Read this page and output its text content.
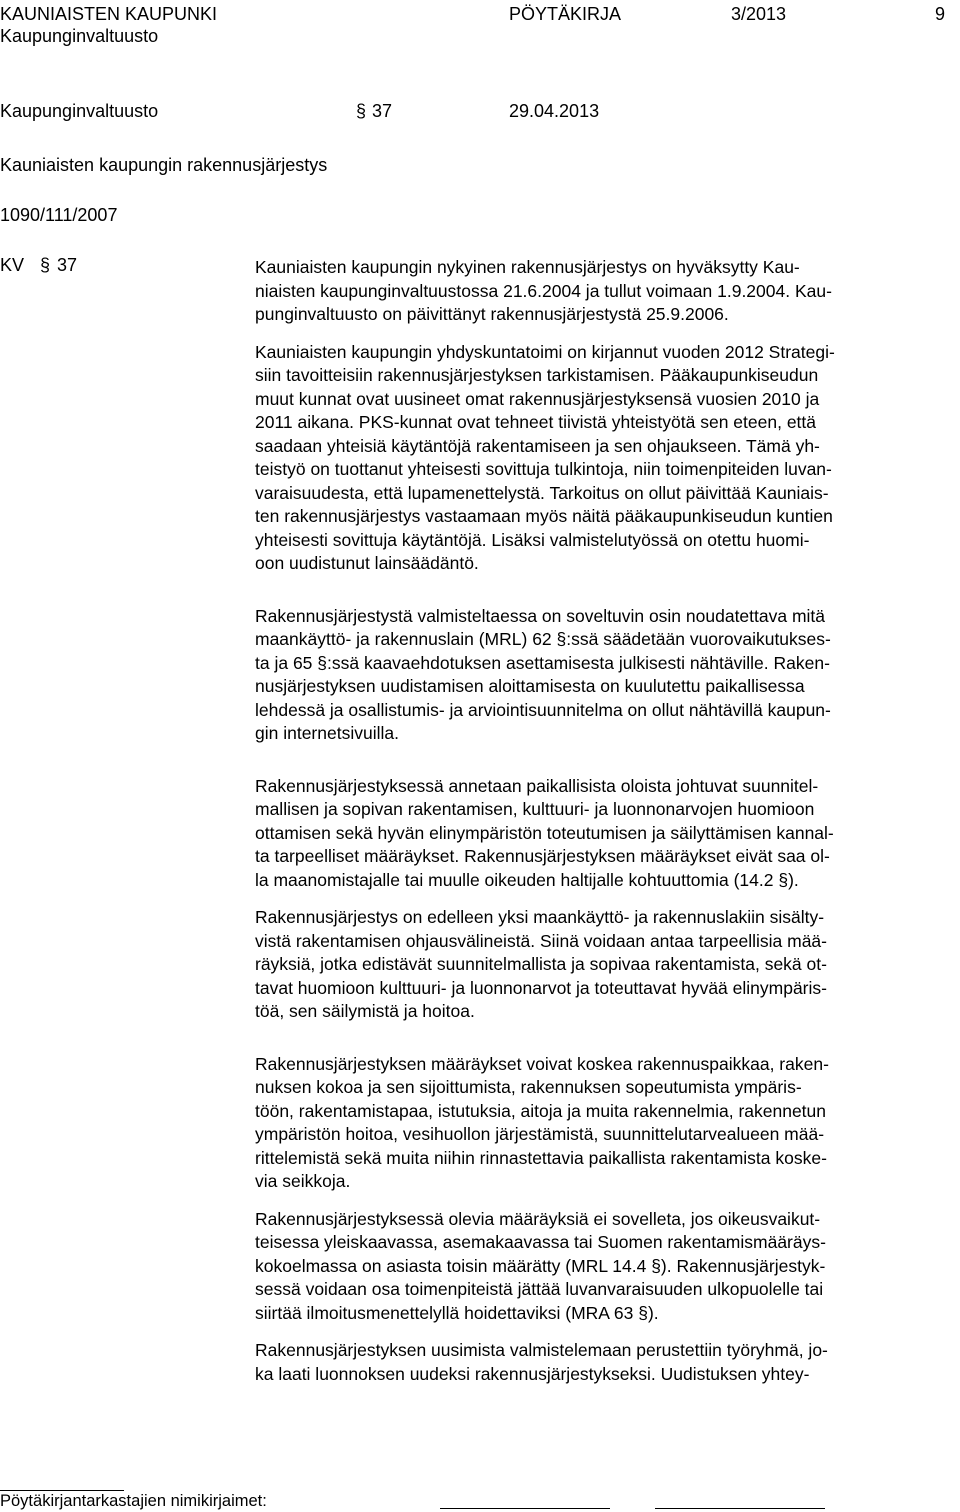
KAUNIAISTEN KAUPUNKI	PÖYTÄKIRJA	3/2013	9
Kaupunginvaltuusto
Kaupunginvaltuusto	§ 37	29.04.2013
Kauniaisten kaupungin rakennusjärjestys
1090/111/2007
KV § 37	Kauniaisten kaupungin nykyinen rakennusjärjestys on hyväksytty Kau-
niaisten kaupunginvaltuustossa 21.6.2004 ja tullut voimaan 1.9.2004. Kau-
punginvaltuusto on päivittänyt rakennusjärjestystä 25.9.2006.

Kauniaisten kaupungin yhdyskuntatoimi on kirjannut vuoden 2012 Strategi-
siin tavoitteisiin rakennusjärjestyksen tarkistamisen. Pääkaupunkiseudun
muut kunnat ovat uusineet omat rakennusjärjestyksensä vuosien 2010 ja
2011 aikana. PKS-kunnat ovat tehneet tiivistä yhteistyötä sen eteen, että
saadaan yhteisiä käytäntöjä rakentamiseen ja sen ohjaukseen. Tämä yh-
teistyö on tuottanut yhteisesti sovittuja tulkintoja, niin toimenpiteiden luvan-
varaisuudesta, että lupamenettelystä. Tarkoitus on ollut päivittää Kauniais-
ten rakennusjärjestys vastaamaan myös näitä pääkaupunkiseudun kuntien
yhteisesti sovittuja käytäntöjä. Lisäksi valmistelutyössä on otettu huomi-
oon uudistunut lainsäädäntö.

Rakennusjärjestystä valmisteltaessa on soveltuvin osin noudatettava mitä
maankäyttö- ja rakennuslain (MRL) 62 §:ssä säädetään vuorovaikutukses-
ta ja 65 §:ssä kaavaehdotuksen asettamisesta julkisesti nähtäville. Raken-
nusjärjestyksen uudistamisen aloittamisesta on kuulutettu paikallisessa
lehdessä ja osallistumis- ja arviointisuunnitelma on ollut nähtävillä kaupun-
gin internetsivuilla.

Rakennusjärjestyksessä annetaan paikallisista oloista johtuvat suunnitel-
mallisen ja sopivan rakentamisen, kulttuuri- ja luonnonarvojen huomioon
ottamisen sekä hyvän elinympäristön toteutumisen ja säilyttämisen kannal-
ta tarpeelliset määräykset. Rakennusjärjestyksen määräykset eivät saa ol-
la maanomistajalle tai muulle oikeuden haltijalle kohtuuttomia (14.2 §).

Rakennusjärjestys on edelleen yksi maankäyttö- ja rakennuslakiin sisälty-
vistä rakentamisen ohjausvälineistä. Siinä voidaan antaa tarpeellisia mää-
räyksiä, jotka edistävät suunnitelmallista ja sopivaa rakentamista, sekä ot-
tavat huomioon kulttuuri- ja luonnonarvot ja toteuttavat hyvää elinympäris-
töä, sen säilymistä ja hoitoa.

Rakennusjärjestyksen määräykset voivat koskea rakennuspaikkaa, raken-
nuksen kokoa ja sen sijoittumista, rakennuksen sopeutumista ympäris-
töön, rakentamistapaa, istutuksia, aitoja ja muita rakennelmia, rakennetun
ympäristön hoitoa, vesihuollon järjestämistä, suunnittelutarvealueen mää-
rittelemistä sekä muita niihin rinnastettavia paikallista rakentamista koske-
via seikkoja.

Rakennusjärjestyksessä olevia määräyksiä ei sovelleta, jos oikeusvaikut-
teisessa yleiskaavassa, asemakaavassa tai Suomen rakentamismääräys-
kokoelmassa on asiasta toisin määrätty (MRL 14.4 §). Rakennusjärjestyk-
sessä voidaan osa toimenpiteistä jättää luvanvaraisuuden ulkopuolelle tai
siirtää ilmoitusmenettelyllä hoidettaviksi (MRA 63 §).

Rakennusjärjestyksen uusimista valmistelemaan perustettiin työryhmä, jo-
ka laati luonnoksen uudeksi rakennusjärjestykseksi. Uudistuksen yhtey-

Pöytäkirjantarkastajien nimikirjaimet:
